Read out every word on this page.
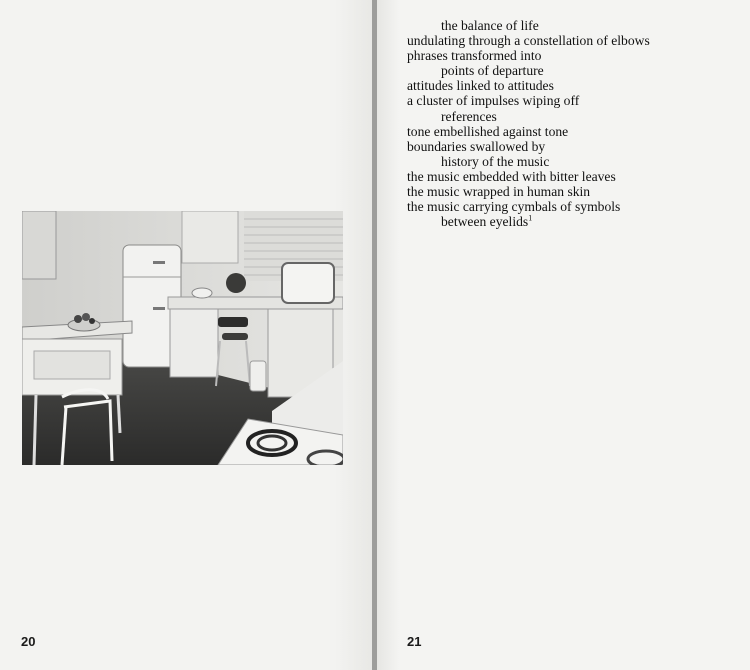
20
the balance of life
undulating through a constellation of elbows
phrases transformed into
points of departure
attitudes linked to attitudes
a cluster of impulses wiping off
references
tone embellished against tone
boundaries swallowed by
history of the music
the music embedded with bitter leaves
the music wrapped in human skin
the music carrying cymbals of symbols
between eyelids$^1$
21
